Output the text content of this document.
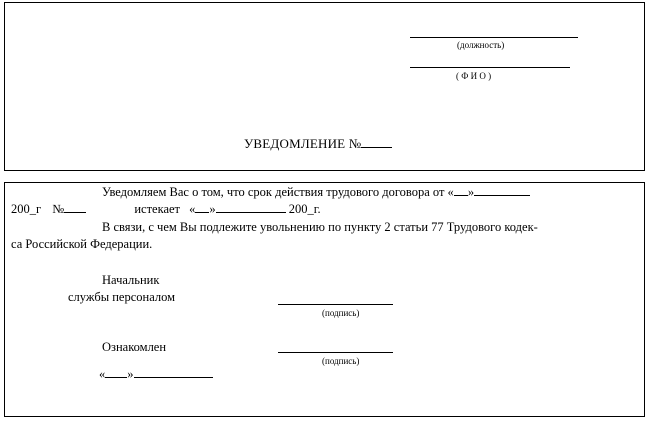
(должность)
( Ф И О )
УВЕДОМЛЕНИЕ №
Уведомляем Вас о том, что срок действия трудового договора от « »
200_г №	истекает « »	200_г.
В связи, с чем Вы подлежите увольнению по пункту 2 статьи 77 Трудового кодек-
са Российской Федерации.
Начальник
службы персоналом
(подпись)
Ознакомлен
(подпись)
« »
